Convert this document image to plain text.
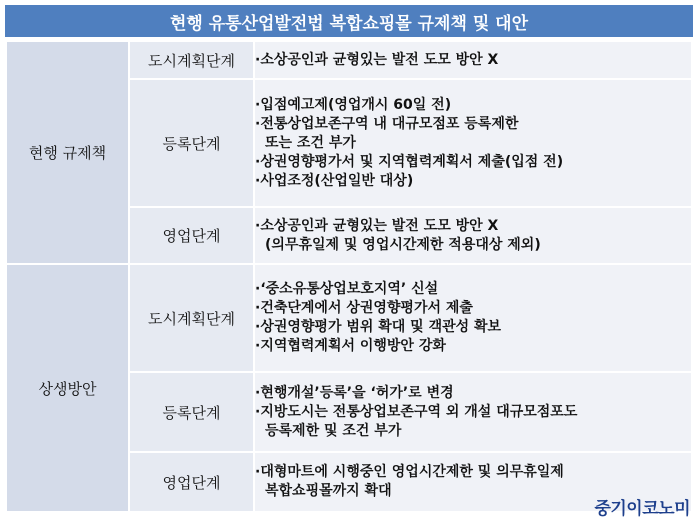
현행 유통산업발전법 복합쇼핑몰 규제책 및 대안
현행 규제책	도시계획단계	·소상공인과 균형있는 발전 도모 방안 X

	등록단계	·입점예고제(영업개시 60일 전)
·전통상업보존구역 내 대규모점포 등록제한
또는 조건 부가
·상권영향평가서 및 지역협력계획서 제출(입점 전)
·사업조정(산업일반 대상)

	영업단계	·소상공인과 균형있는 발전 도모 방안 X
(의무휴일제 및 영업시간제한 적용대상 제외)

상생방안	도시계획단계	·‘중소유통상업보호지역’ 신설
·건축단계에서 상권영향평가서 제출
·상권영향평가 범위 확대 및 객관성 확보
·지역협력계획서 이행방안 강화

	등록단계	·현행개설’등록’을 ‘허가’로 변경
·지방도시는 전통상업보존구역 외 개설 대규모점포도
등록제한 및 조건 부가

	영업단계	·대형마트에 시행중인 영업시간제한 및 의무휴일제
복합쇼핑몰까지 확대
중기이코노미
